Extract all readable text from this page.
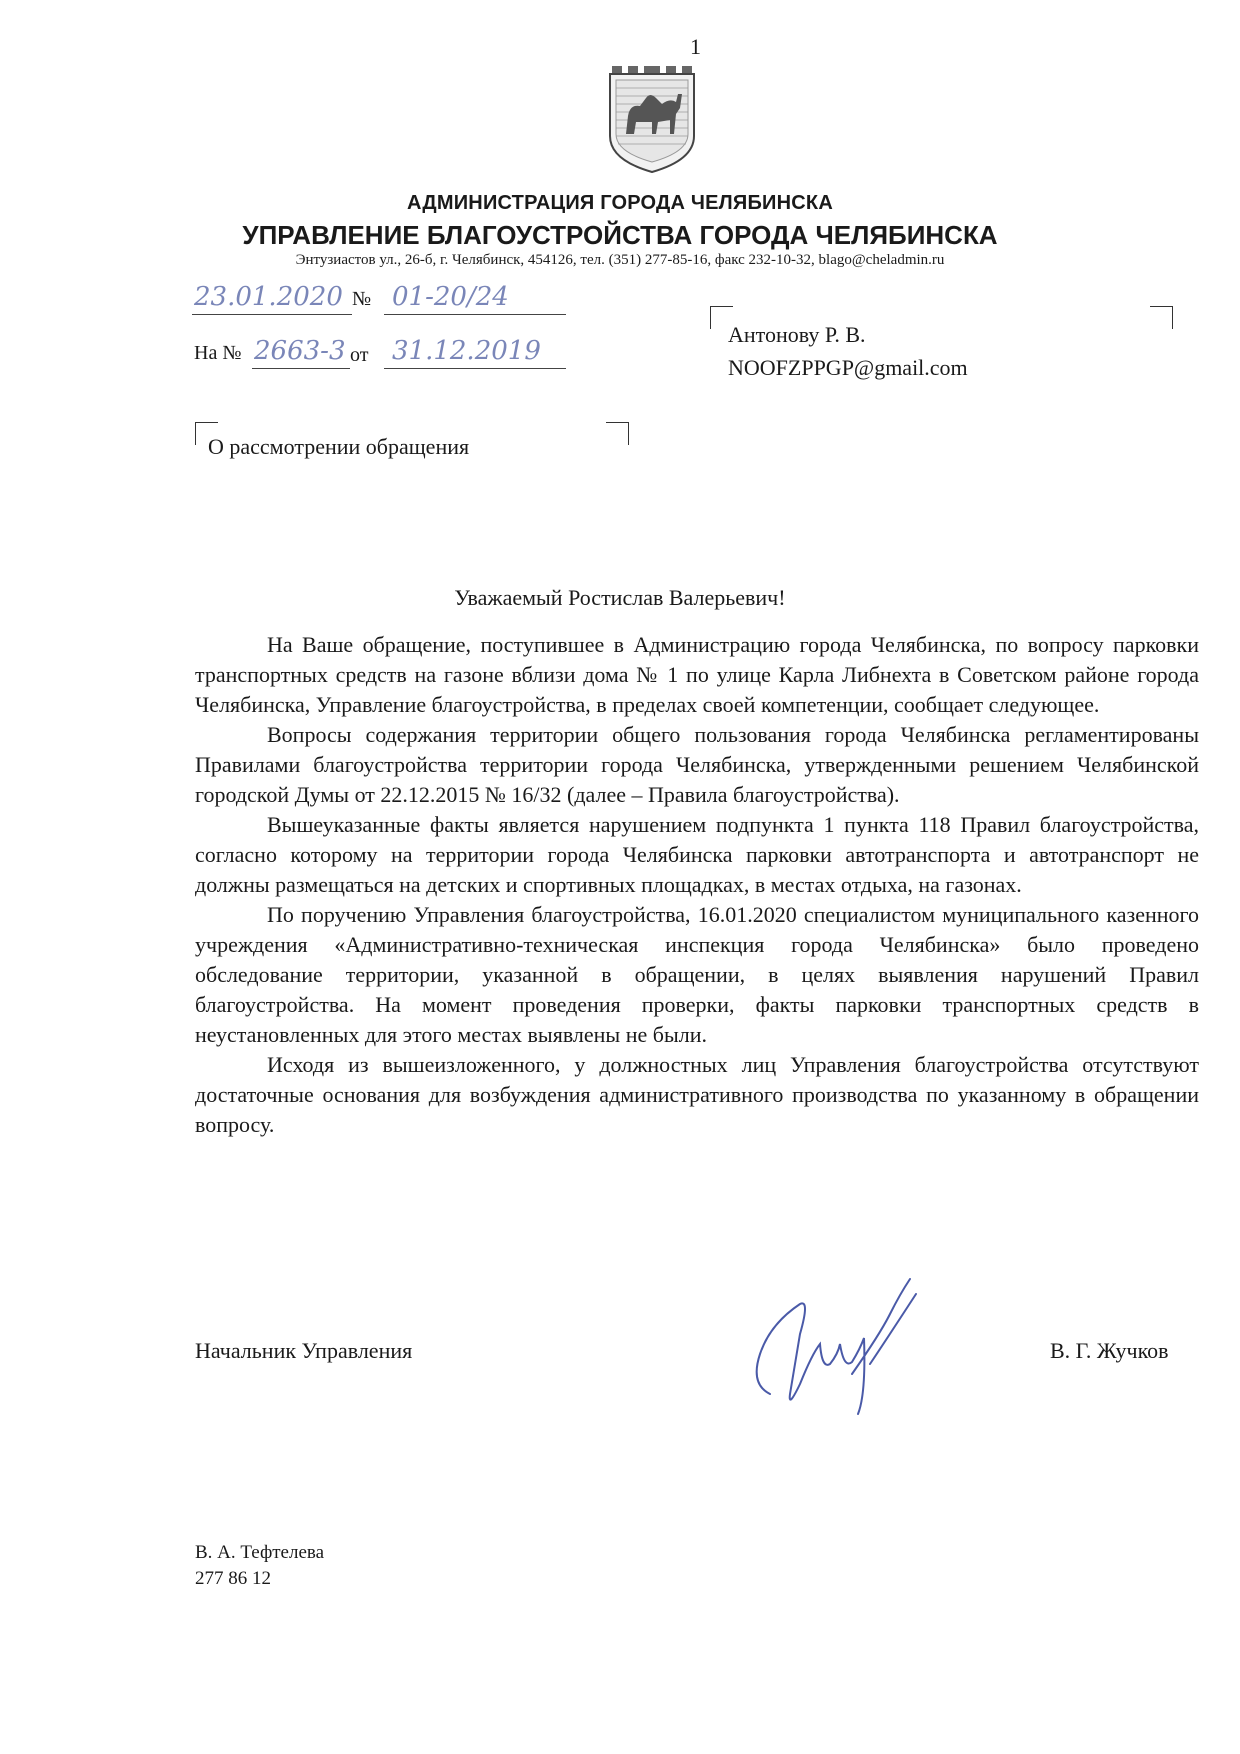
1
АДМИНИСТРАЦИЯ ГОРОДА ЧЕЛЯБИНСКА
УПРАВЛЕНИЕ БЛАГОУСТРОЙСТВА ГОРОДА ЧЕЛЯБИНСКА
Энтузиастов ул., 26-б, г. Челябинск, 454126, тел. (351) 277-85-16, факс 232-10-32, blago@cheladmin.ru
23.01.2020 № 01-20/24
На № 2663-3 от 31.12.2019
Антонову Р. В.
NOOFZPPGP@gmail.com
О рассмотрении обращения
Уважаемый Ростислав Валерьевич!

На Ваше обращение, поступившее в Администрацию города Челябинска, по вопросу парковки транспортных средств на газоне вблизи дома № 1 по улице Карла Либнехта в Советском районе города Челябинска, Управление благоустройства, в пределах своей компетенции, сообщает следующее.

Вопросы содержания территории общего пользования города Челябинска регламентированы Правилами благоустройства территории города Челябинска, утвержденными решением Челябинской городской Думы от 22.12.2015 № 16/32 (далее – Правила благоустройства).

Вышеуказанные факты является нарушением подпункта 1 пункта 118 Правил благоустройства, согласно которому на территории города Челябинска парковки автотранспорта и автотранспорт не должны размещаться на детских и спортивных площадках, в местах отдыха, на газонах.

По поручению Управления благоустройства, 16.01.2020 специалистом муниципального казенного учреждения «Административно-техническая инспекция города Челябинска» было проведено обследование территории, указанной в обращении, в целях выявления нарушений Правил благоустройства. На момент проведения проверки, факты парковки транспортных средств в неустановленных для этого местах выявлены не были.

Исходя из вышеизложенного, у должностных лиц Управления благоустройства отсутствуют достаточные основания для возбуждения административного производства по указанному в обращении вопросу.

Начальник Управления	В. Г. Жучков
В. А. Тефтелева
277 86 12
